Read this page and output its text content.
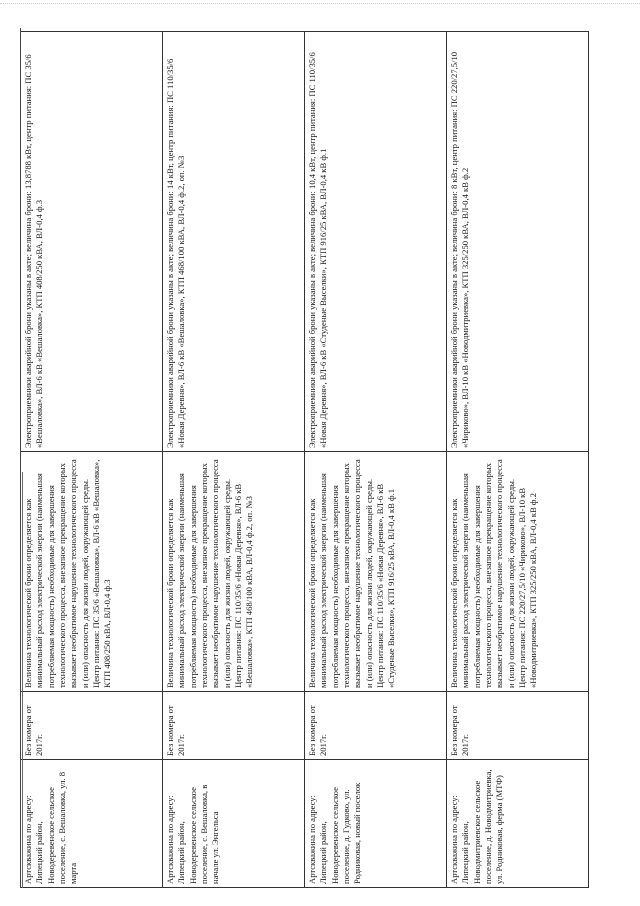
Артскважина по адресу: Липецкий район, Новодеревенское сельское поселение, с. Вешаловка, ул. 8 марта	Без номера от 2017г.	Величина технологической брони определяется как минимальный расход электрической энергии (наименьшая потребляемая мощность) необходимые для завершения технологического процесса, внезапное прекращение которых вызывает необратимое нарушение технологического процесса и (или) опасность для жизни людей, окружающей среды. Центр питания: ПС 35/6 «Вешаловка», ВЛ-6 кВ «Вешаловка», КТП 408/250 кВА, ВЛ-0,4 ф.3	Электроприемники аварийной брони указаны в акте; величина брони: 13,8788 кВт, центр питания: ПС 35/6 «Вешаловка», ВЛ-6 кВ «Вешаловка», КТП 408/250 кВА, ВЛ-0,4 ф.3
Артскважина по адресу: Липецкий район, Новодеревенское сельское поселение, с. Вешаловка, в начале ул. Энгельса	Без номера от 2017г.	Величина технологической брони определяется как минимальный расход электрической энергии (наименьшая потребляемая мощность) необходимые для завершения технологического процесса, внезапное прекращение которых вызывает необратимое нарушение технологического процесса и (или) опасность для жизни людей, окружающей среды. Центр питания: ПС 110/35/6 «Новая Деревня», ВЛ-6 кВ «Вешаловка», КТП 468/100 кВА, ВЛ-0,4 ф.2, оп. №3	Электроприемники аварийной брони указаны в акте; величина брони: 14 кВт, центр питания: ПС 110/35/6 «Новая Деревня», ВЛ-6 кВ «Вешаловка», КТП 468/100 кВА, ВЛ-0,4 ф.2, оп. №3
Артскважина по адресу: Липецкий район, Новодеревенское сельское поселение, д. Гудково, ул. Родниковая, новый поселок	Без номера от 2017г.	Величина технологической брони определяется как минимальный расход электрической энергии (наименьшая потребляемая мощность) необходимые для завершения технологического процесса, внезапное прекращение которых вызывает необратимое нарушение технологического процесса и (или) опасность для жизни людей, окружающей среды. Центр питания: ПС 110/35/6 «Новая Деревня», ВЛ-6 кВ «Студеные Выселки», КТП 916/25 кВА, ВЛ-0,4 кВ ф.1	Электроприемники аварийной брони указаны в акте; величина брони: 10,4 кВт, центр питания: ПС 110/35/6 «Новая Деревня», ВЛ-6 кВ «Студеные Выселки», КТП 916/25 кВА, ВЛ-0,4 кВ ф.1
Артскважина по адресу: Липецкий район, Новодмитриевское сельское поселение, д. Новодмитриевка, ул. Родниковая, ферма (МТФ)	Без номера от 2017г.	Величина технологической брони определяется как минимальный расход электрической энергии (наименьшая потребляемая мощность) необходимые для завершения технологического процесса, внезапное прекращение которых вызывает необратимое нарушение технологического процесса и (или) опасность для жизни людей, окружающей среды. Центр питания: ПС 220/27,5/10 «Чириково», ВЛ-10 кВ «Новодмитриевка», КТП 325/250 кВА, ВЛ-0,4 кВ ф.2	Электроприемники аварийной брони указаны в акте; величина брони: 8 кВт, центр питания: ПС 220/27,5/10 «Чириково», ВЛ-10 кВ «Новодмитриевка», КТП 325/250 кВА, ВЛ-0,4 кВ ф.2
